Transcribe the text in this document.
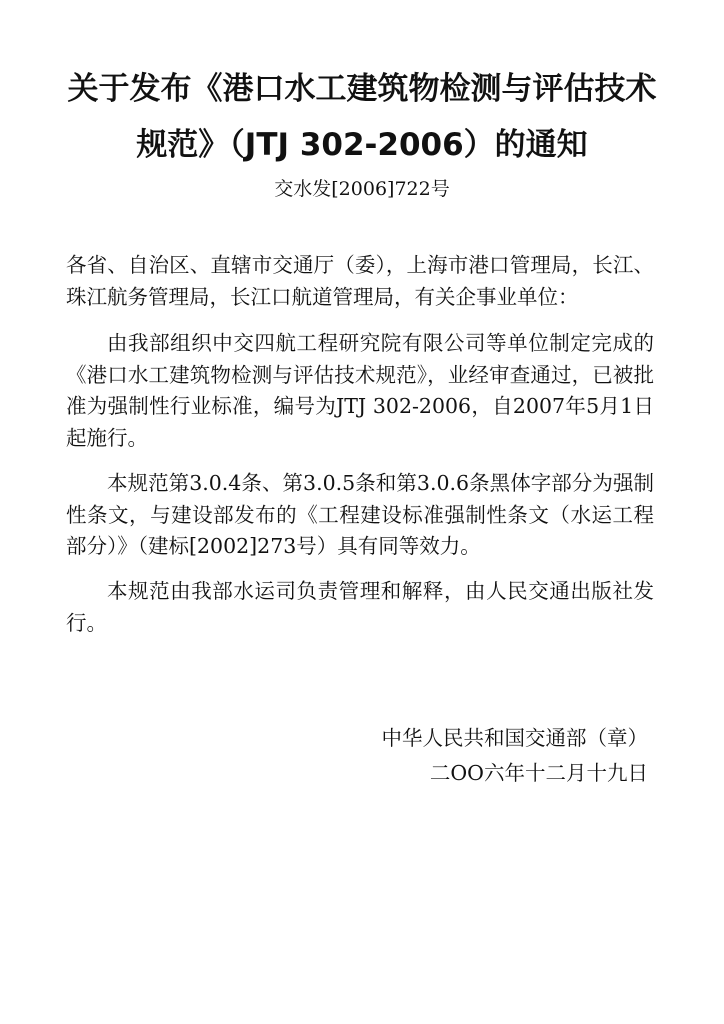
关于发布《港口水工建筑物检测与评估技术
规范》（JTJ 302-2006）的通知
交水发[2006]722号
各省、自治区、直辖市交通厅（委），上海市港口管理局，长江、珠江航务管理局，长江口航道管理局，有关企事业单位：
由我部组织中交四航工程研究院有限公司等单位制定完成的《港口水工建筑物检测与评估技术规范》，业经审查通过，已被批准为强制性行业标准，编号为JTJ 302-2006，自2007年5月1日起施行。
本规范第3.0.4条、第3.0.5条和第3.0.6条黑体字部分为强制性条文，与建设部发布的《工程建设标准强制性条文（水运工程部分）》（建标[2002]273号）具有同等效力。
本规范由我部水运司负责管理和解释，由人民交通出版社发行。
中华人民共和国交通部（章）
二OO六年十二月十九日
